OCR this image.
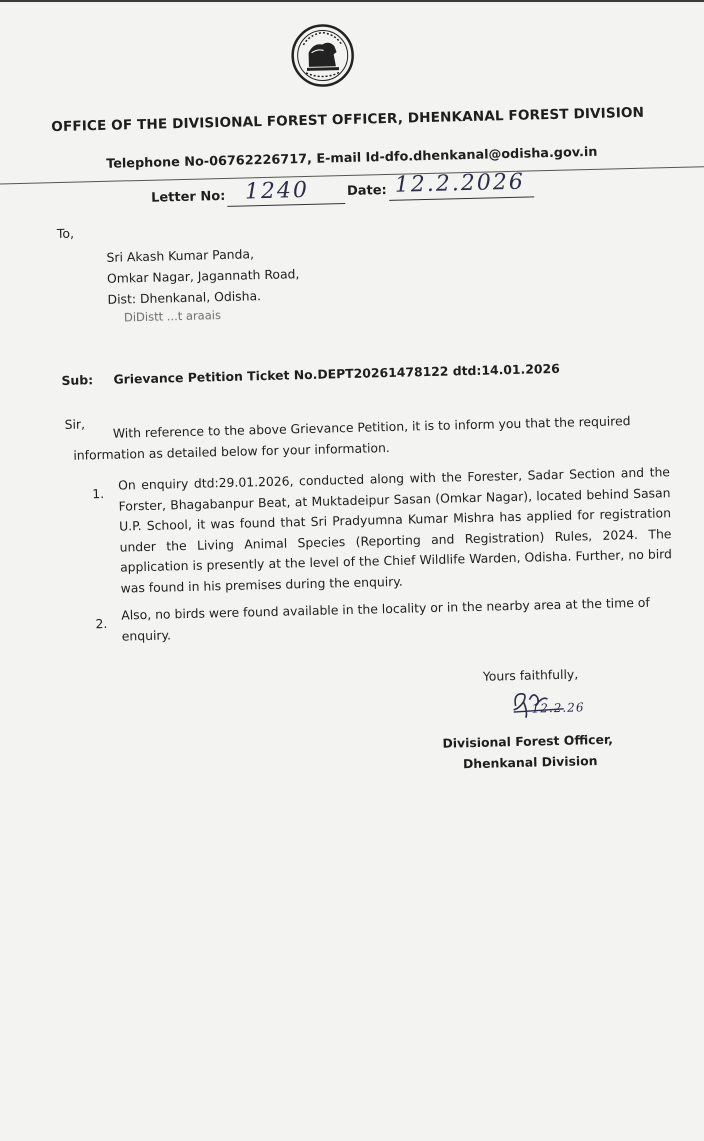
OFFICE OF THE DIVISIONAL FOREST OFFICER, DHENKANAL FOREST DIVISION
Telephone No-06762226717, E-mail Id-dfo.dhenkanal@odisha.gov.in
Letter No: 1240	Date: 12.2.2026
To,
Sri Akash Kumar Panda,
Omkar Nagar, Jagannath Road,
Dist: Dhenkanal, Odisha.
DiDistt ...t araais
Sub: Grievance Petition Ticket No.DEPT20261478122 dtd:14.01.2026
Sir,	With reference to the above Grievance Petition, it is to inform you that the required information as detailed below for your information.
1.
On enquiry dtd:29.01.2026, conducted along with the Forester, Sadar Section and the Forster, Bhagabanpur Beat, at Muktadeipur Sasan (Omkar Nagar), located behind Sasan U.P. School, it was found that Sri Pradyumna Kumar Mishra has applied for registration under the Living Animal Species (Reporting and Registration) Rules, 2024. The application is presently at the level of the Chief Wildlife Warden, Odisha. Further, no bird was found in his premises during the enquiry.
2.
Also, no birds were found available in the locality or in the nearby area at the time of enquiry.
Yours faithfully,
12.2.26
Divisional Forest Officer,
Dhenkanal Division
